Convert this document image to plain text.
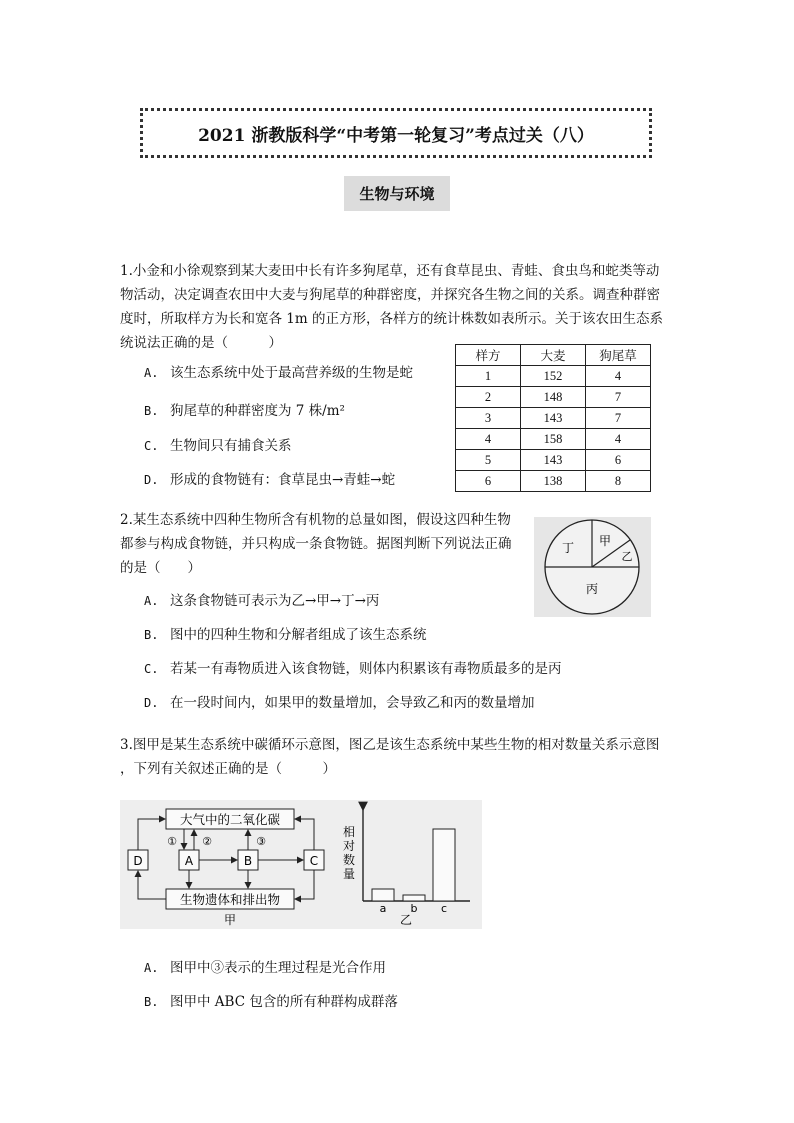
2021 浙教版科学“中考第一轮复习”考点过关（八）
生物与环境
1.小金和小徐观察到某大麦田中长有许多狗尾草，还有食草昆虫、青蛙、食虫鸟和蛇类等动
物活动，决定调查农田中大麦与狗尾草的种群密度，并探究各生物之间的关系。调查种群密
度时，所取样方为长和宽各 1m 的正方形，各样方的统计株数如表所示。关于该农田生态系
统说法正确的是（　　　）
A. 该生态系统中处于最高营养级的生物是蛇
B. 狗尾草的种群密度为 7 株/m²
C. 生物间只有捕食关系
D. 形成的食物链有：食草昆虫→青蛙→蛇
样方	大麦	狗尾草
1	152	4
2	148	7
3	143	7
4	158	4
5	143	6
6	138	8
2.某生态系统中四种生物所含有机物的总量如图，假设这四种生物
都参与构成食物链，并只构成一条食物链。据图判断下列说法正确
的是（　　）
丁 甲
乙
丙
A. 这条食物链可表示为乙→甲→丁→丙
B. 图中的四种生物和分解者组成了该生态系统
C. 若某一有毒物质进入该食物链，则体内积累该有毒物质最多的是丙
D. 在一段时间内，如果甲的数量增加，会导致乙和丙的数量增加
3.图甲是某生态系统中碳循环示意图，图乙是该生态系统中某些生物的相对数量关系示意图
，下列有关叙述正确的是（　　　）
大气中的二氧化碳
生物遗体和排出物
D	A	B	C
① ②	③
甲
相
对
数
量
a b c
乙
A. 图甲中③表示的生理过程是光合作用
B. 图甲中 ABC 包含的所有种群构成群落
